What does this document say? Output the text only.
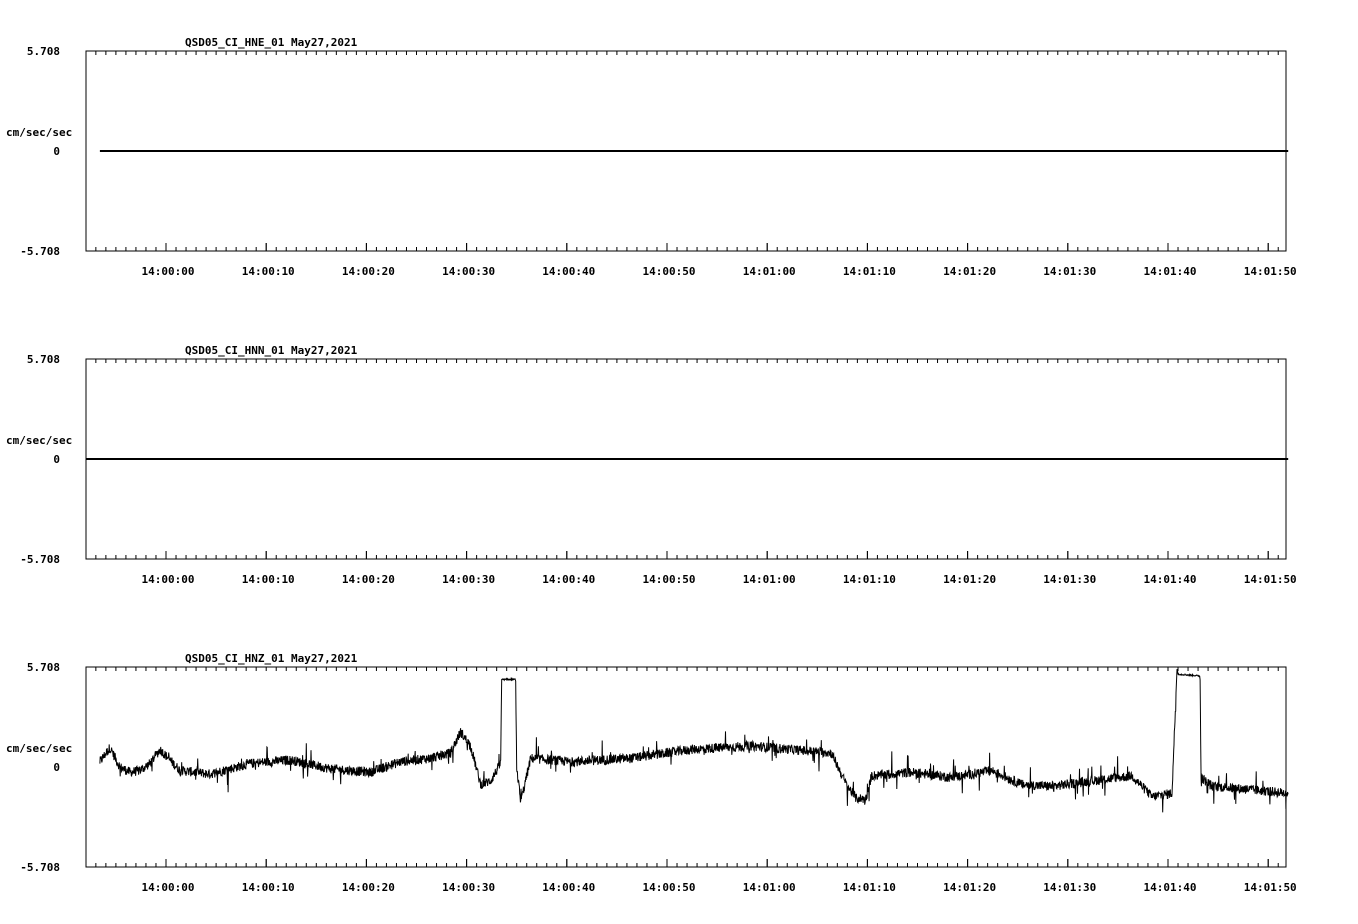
QSD05_CI_HNE_01 May27,2021
cm/sec/sec
5.708
0
-5.708
14:00:00	14:00:10	14:00:20	14:00:30	14:00:40	14:00:50	14:01:00	14:01:10	14:01:20	14:01:30	14:01:40	14:01:50
QSD05_CI_HNN_01 May27,2021
cm/sec/sec
5.708
0
-5.708
14:00:00	14:00:10	14:00:20	14:00:30	14:00:40	14:00:50	14:01:00	14:01:10	14:01:20	14:01:30	14:01:40	14:01:50
QSD05_CI_HNZ_01 May27,2021
cm/sec/sec
5.708
0
-5.708
14:00:00	14:00:10	14:00:20	14:00:30	14:00:40	14:00:50	14:01:00	14:01:10	14:01:20	14:01:30	14:01:40	14:01:50
